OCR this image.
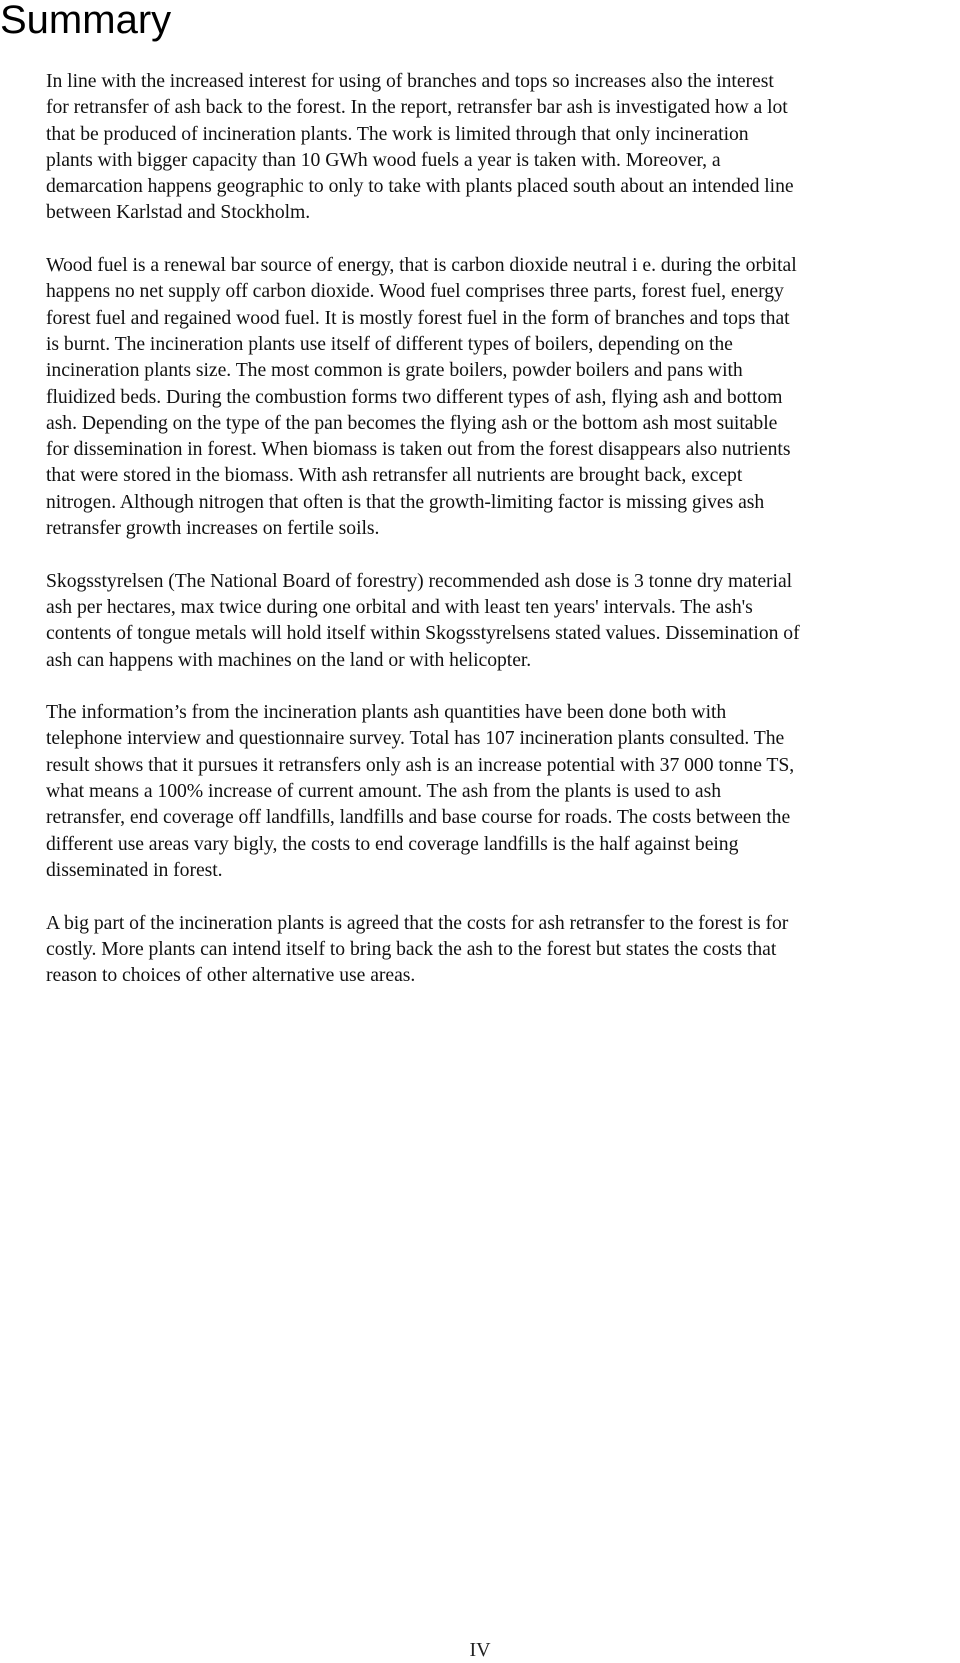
Summary

In line with the increased interest for using of branches and tops so increases also the interest
for retransfer of ash back to the forest. In the report, retransfer bar ash is investigated how a lot
that be produced of incineration plants. The work is limited through that only incineration
plants with bigger capacity than 10 GWh wood fuels a year is taken with. Moreover, a
demarcation happens geographic to only to take with plants placed south about an intended line
between Karlstad and Stockholm.

Wood fuel is a renewal bar source of energy, that is carbon dioxide neutral i e. during the orbital
happens no net supply off carbon dioxide. Wood fuel comprises three parts, forest fuel, energy
forest fuel and regained wood fuel. It is mostly forest fuel in the form of branches and tops that
is burnt. The incineration plants use itself of different types of boilers, depending on the
incineration plants size. The most common is grate boilers, powder boilers and pans with
fluidized beds. During the combustion forms two different types of ash, flying ash and bottom
ash. Depending on the type of the pan becomes the flying ash or the bottom ash most suitable
for dissemination in forest. When biomass is taken out from the forest disappears also nutrients
that were stored in the biomass. With ash retransfer all nutrients are brought back, except
nitrogen. Although nitrogen that often is that the growth-limiting factor is missing gives ash
retransfer growth increases on fertile soils.

Skogsstyrelsen (The National Board of forestry) recommended ash dose is 3 tonne dry material
ash per hectares, max twice during one orbital and with least ten years' intervals. The ash's
contents of tongue metals will hold itself within Skogsstyrelsens stated values. Dissemination of
ash can happens with machines on the land or with helicopter.

The information’s from the incineration plants ash quantities have been done both with
telephone interview and questionnaire survey. Total has 107 incineration plants consulted. The
result shows that it pursues it retransfers only ash is an increase potential with 37 000 tonne TS,
what means a 100% increase of current amount. The ash from the plants is used to ash
retransfer, end coverage off landfills, landfills and base course for roads. The costs between the
different use areas vary bigly, the costs to end coverage landfills is the half against being
disseminated in forest.

A big part of the incineration plants is agreed that the costs for ash retransfer to the forest is for
costly. More plants can intend itself to bring back the ash to the forest but states the costs that
reason to choices of other alternative use areas.

IV
